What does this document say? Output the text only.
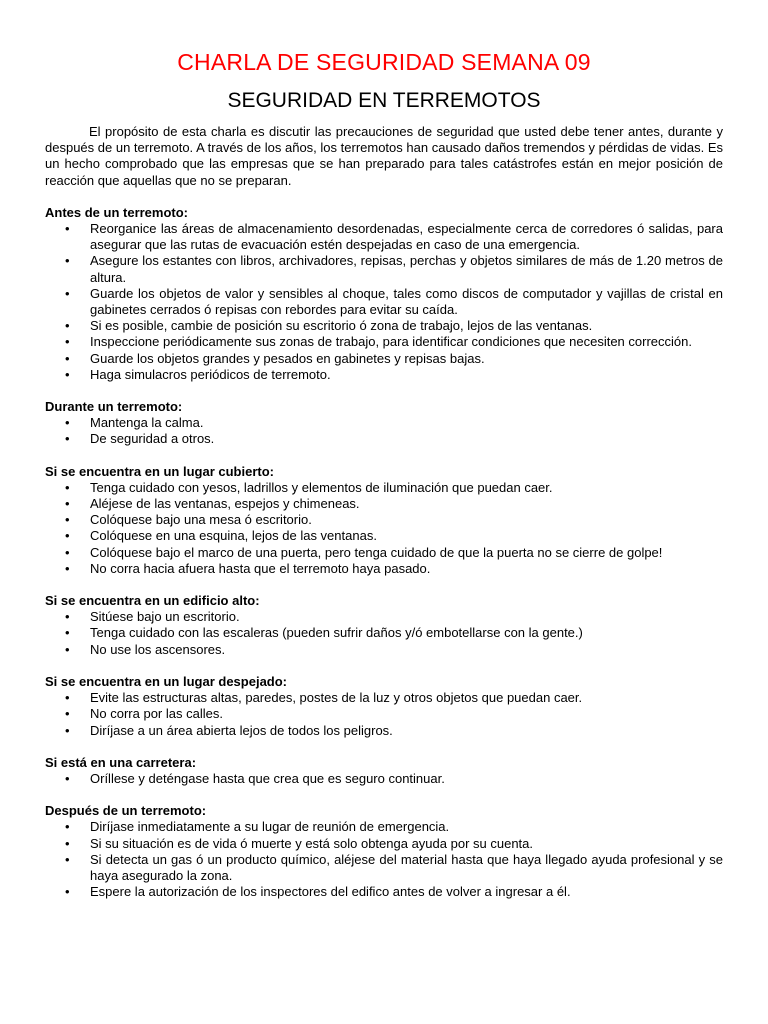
CHARLA DE SEGURIDAD SEMANA 09
SEGURIDAD EN TERREMOTOS

El propósito de esta charla es discutir las precauciones de seguridad que usted debe tener antes, durante y después de un terremoto. A través de los años, los terremotos han causado daños tremendos y pérdidas de vidas. Es un hecho comprobado que las empresas que se han preparado para tales catástrofes están en mejor posición de reacción que aquellas que no se preparan.

Antes de un terremoto:

• Reorganice las áreas de almacenamiento desordenadas, especialmente cerca de corredores ó salidas, para asegurar que las rutas de evacuación estén despejadas en caso de una emergencia.
• Asegure los estantes con libros, archivadores, repisas, perchas y objetos similares de más de 1.20 metros de altura.
• Guarde los objetos de valor y sensibles al choque, tales como discos de computador y vajillas de cristal en gabinetes cerrados ó repisas con rebordes para evitar su caída.
• Si es posible, cambie de posición su escritorio ó zona de trabajo, lejos de las ventanas.
• Inspeccione periódicamente sus zonas de trabajo, para identificar condiciones que necesiten corrección.
• Guarde los objetos grandes y pesados en gabinetes y repisas bajas.
• Haga simulacros periódicos de terremoto.

Durante un terremoto:

• Mantenga la calma.
• De seguridad a otros.

Si se encuentra en un lugar cubierto:

• Tenga cuidado con yesos, ladrillos y elementos de iluminación que puedan caer.
• Aléjese de las ventanas, espejos y chimeneas.
• Colóquese bajo una mesa ó escritorio.
• Colóquese en una esquina, lejos de las ventanas.
• Colóquese bajo el marco de una puerta, pero tenga cuidado de que la puerta no se cierre de golpe!
• No corra hacia afuera hasta que el terremoto haya pasado.

Si se encuentra en un edificio alto:

• Sitúese bajo un escritorio.
• Tenga cuidado con las escaleras (pueden sufrir daños y/ó embotellarse con la gente.)
• No use los ascensores.

Si se encuentra en un lugar despejado:

• Evite las estructuras altas, paredes, postes de la luz y otros objetos que puedan caer.
• No corra por las calles.
• Diríjase a un área abierta lejos de todos los peligros.

Si está en una carretera:

• Oríllese y deténgase hasta que crea que es seguro continuar.

Después de un terremoto:

• Diríjase inmediatamente a su lugar de reunión de emergencia.
• Si su situación es de vida ó muerte y está solo obtenga ayuda por su cuenta.
• Si detecta un gas ó un producto químico, aléjese del material hasta que haya llegado ayuda profesional y se haya asegurado la zona.
• Espere la autorización de los inspectores del edifico antes de volver a ingresar a él.
